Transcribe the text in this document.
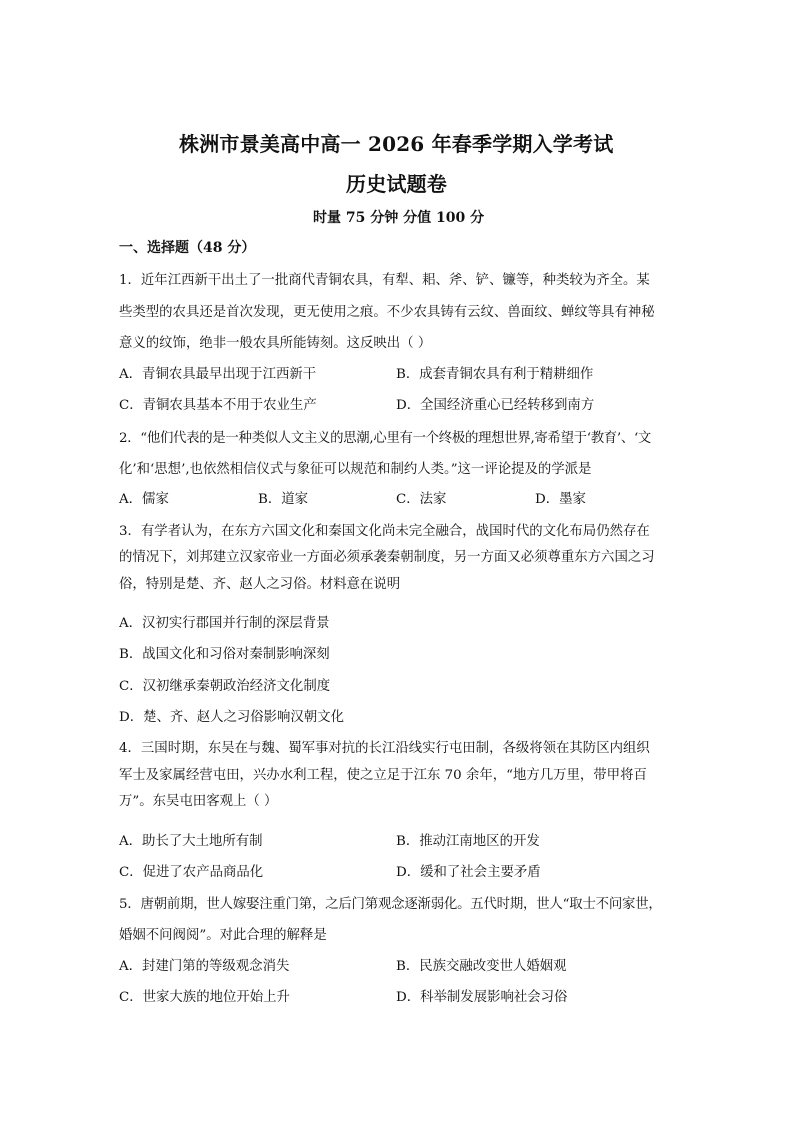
株洲市景美高中高一 2026 年春季学期入学考试
历史试题卷
时量 75 分钟 分值 100 分
一、选择题（48 分）
1．近年江西新干出土了一批商代青铜农具，有犁、耜、斧、铲、镰等，种类较为齐全。某
些类型的农具还是首次发现，更无使用之痕。不少农具铸有云纹、兽面纹、蝉纹等具有神秘
意义的纹饰，绝非一般农具所能铸刻。这反映出（ ）
A．青铜农具最早出现于江西新干	B．成套青铜农具有利于精耕细作
C．青铜农具基本不用于农业生产	D．全国经济重心已经转移到南方
2．“他们代表的是一种类似人文主义的思潮,心里有一个终极的理想世界,寄希望于‘教育’、‘文
化’和‘思想’,也依然相信仪式与象征可以规范和制约人类。”这一评论提及的学派是
A．儒家	B．道家	C．法家	D．墨家
3．有学者认为，在东方六国文化和秦国文化尚未完全融合，战国时代的文化布局仍然存在
的情况下，刘邦建立汉家帝业一方面必须承袭秦朝制度，另一方面又必须尊重东方六国之习
俗，特别是楚、齐、赵人之习俗。材料意在说明
A．汉初实行郡国并行制的深层背景
B．战国文化和习俗对秦制影响深刻
C．汉初继承秦朝政治经济文化制度
D．楚、齐、赵人之习俗影响汉朝文化
4．三国时期，东吴在与魏、蜀军事对抗的长江沿线实行屯田制，各级将领在其防区内组织
军士及家属经营屯田，兴办水利工程，使之立足于江东 70 余年，“地方几万里，带甲将百
万”。东吴屯田客观上（ ）
A．助长了大土地所有制	B．推动江南地区的开发
C．促进了农产品商品化	D．缓和了社会主要矛盾
5．唐朝前期，世人嫁娶注重门第，之后门第观念逐渐弱化。五代时期，世人“取士不问家世，
婚姻不问阀阅”。对此合理的解释是
A．封建门第的等级观念消失	B．民族交融改变世人婚姻观
C．世家大族的地位开始上升	D．科举制发展影响社会习俗
